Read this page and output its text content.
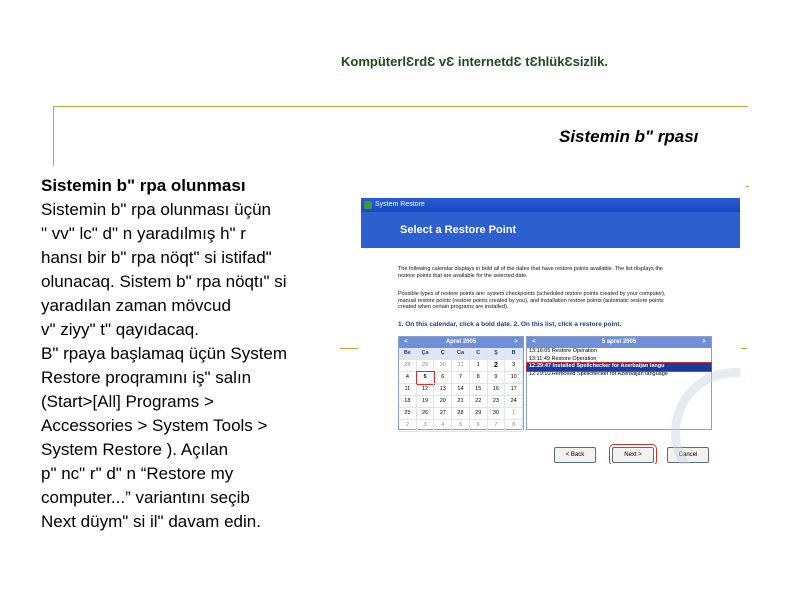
KompüterlƐrdƐ vƐ internetdƐ tƐhlükƐsizlik.
Sistemin b" rpası
Sistemin b" rpa olunması
Sistemin b" rpa olunması üçün
" vv" lc" d" n yaradılmış h" r
hansı bir b" rpa nöqt" si istifad"
olunacaq. Sistem b" rpa nöqtı" si
yaradılan zaman mövcud
v" ziyy" t" qayıdacaq.
B" rpaya başlamaq üçün System
Restore proqramını iş" salın
(Start>[All] Programs >
Accessories > System Tools >
System Restore ). Açılan
p" nc" r" d" n “Restore my
computer...” variantını seçib
Next düym" si il" davam edin.
System Restore
Select a Restore Point
The following calendar displays in bold all of the dates that have restore points available. The list displays the
restore points that are available for the selected date.
Possible types of restore points are: system checkpoints (scheduled restore points created by your computer),
manual restore points (restore points created by you), and installation restore points (automatic restore points
created when certain programs are installed).
1. On this calendar, click a bold date. 2. On this list, click a restore point.
<	Aprel 2005	>
Be	Ça	Ç	Ca	C	Ş	B
28	29	30	31	1	2	3
4	5	6	7	8	9	10
11	12	13	14	15	16	17
18	19	20	21	22	23	24
25	26	27	28	29	30	1
2	3	4	5	6	7	8
<	5 aprel 2005	>
13:16:05 Restore Operation
13:11:49 Restore Operation
12:29:47 Installed Spellchecker for Azerbaijan langu
12:29:10 Removed Spellchecker for Azerbaijan language
< Back	Next >	Cancel
